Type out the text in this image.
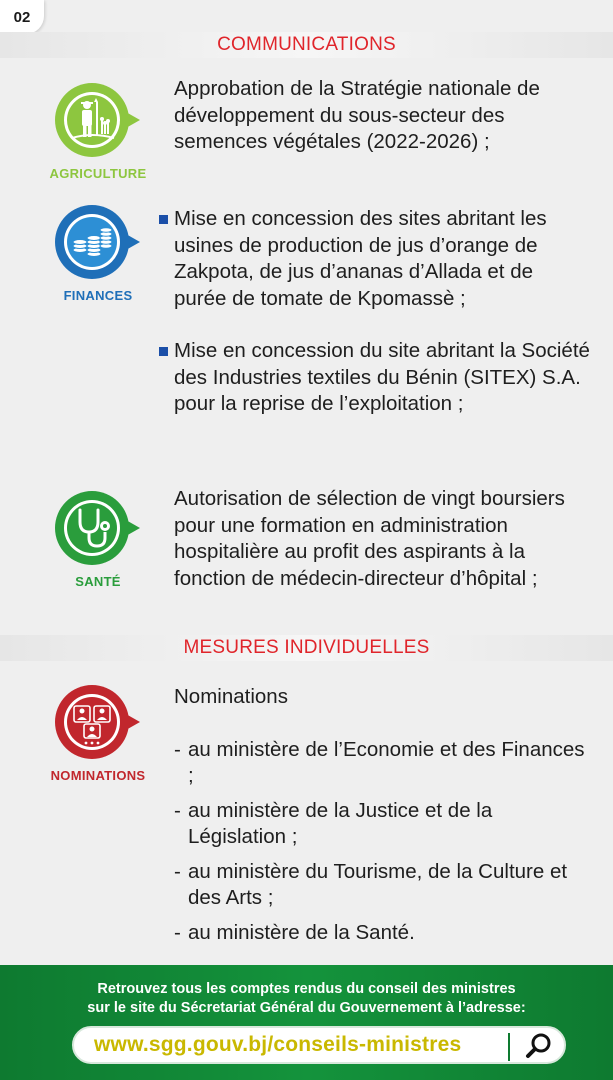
02
COMMUNICATIONS
AGRICULTURE
Approbation de la Stratégie nationale de développement du sous-secteur des semences végétales (2022-2026) ;
FINANCES
Mise en concession des sites abritant les usines de production de jus d’orange de Zakpota, de jus d’ananas d’Allada et de purée de tomate de Kpomassè ;
Mise en concession du site abritant la Société des Industries textiles du Bénin (SITEX) S.A. pour la reprise de l’exploitation ;
SANTÉ
Autorisation de sélection de vingt boursiers pour une formation en administration hospitalière au profit des aspirants à la fonction de médecin-directeur d’hôpital ;
MESURES INDIVIDUELLES
NOMINATIONS
Nominations
- au ministère de l’Economie et des Finances ;
- au ministère de la Justice et de la Législation ;
- au ministère du Tourisme, de la Culture et des Arts ;
- au ministère de la Santé.
Retrouvez tous les comptes rendus du conseil des ministres
sur le site du Sécretariat Général du Gouvernement à l’adresse:
www.sgg.gouv.bj/conseils-ministres
